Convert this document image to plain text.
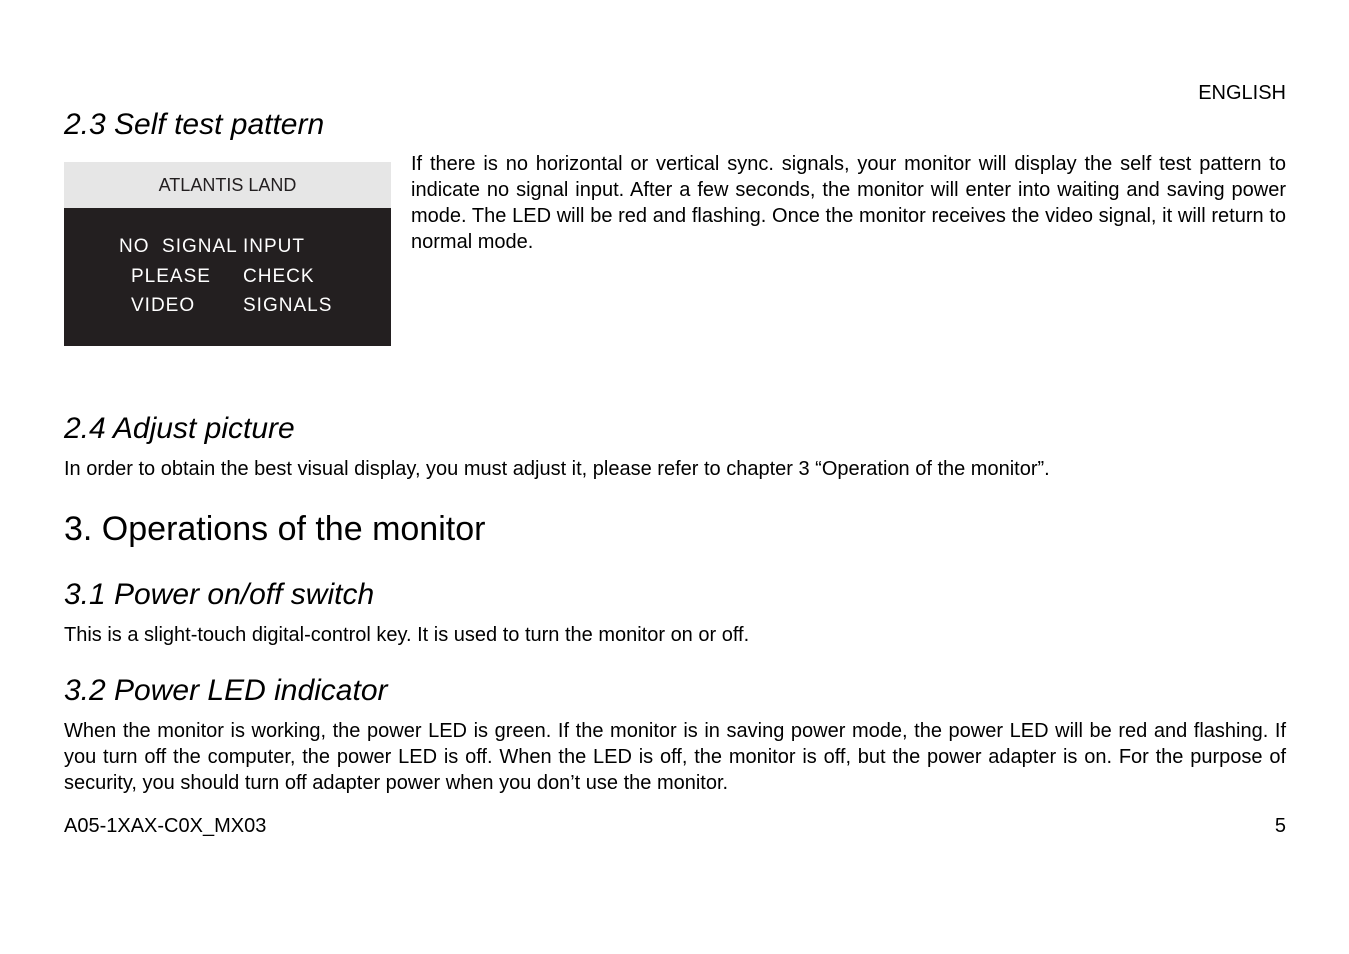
ENGLISH
2.3 Self test pattern
ATLANTIS LAND
NO  SIGNAL INPUT
PLEASE	CHECK
VIDEO	SIGNALS

If there is no horizontal or vertical sync. signals, your monitor will display the self test pattern to indicate no signal input. After a few seconds, the monitor will enter into waiting and saving power mode. The LED will be red and flashing. Once the monitor receives the video signal, it will return to normal mode.

2.4 Adjust picture

In order to obtain the best visual display, you must adjust it, please refer to chapter 3 “Operation of the monitor”.

3. Operations of the monitor
3.1 Power on/off switch

This is a slight-touch digital-control key. It is used to turn the monitor on or off.

3.2 Power LED indicator

When the monitor is working, the power LED is green. If the monitor is in saving power mode, the power LED will be red and flashing. If you turn off the computer, the power LED is off. When the LED is off, the monitor is off, but the power adapter is on. For the purpose of security, you should turn off adapter power when you don’t use the monitor.

A05-1XAX-C0X_MX03	5
